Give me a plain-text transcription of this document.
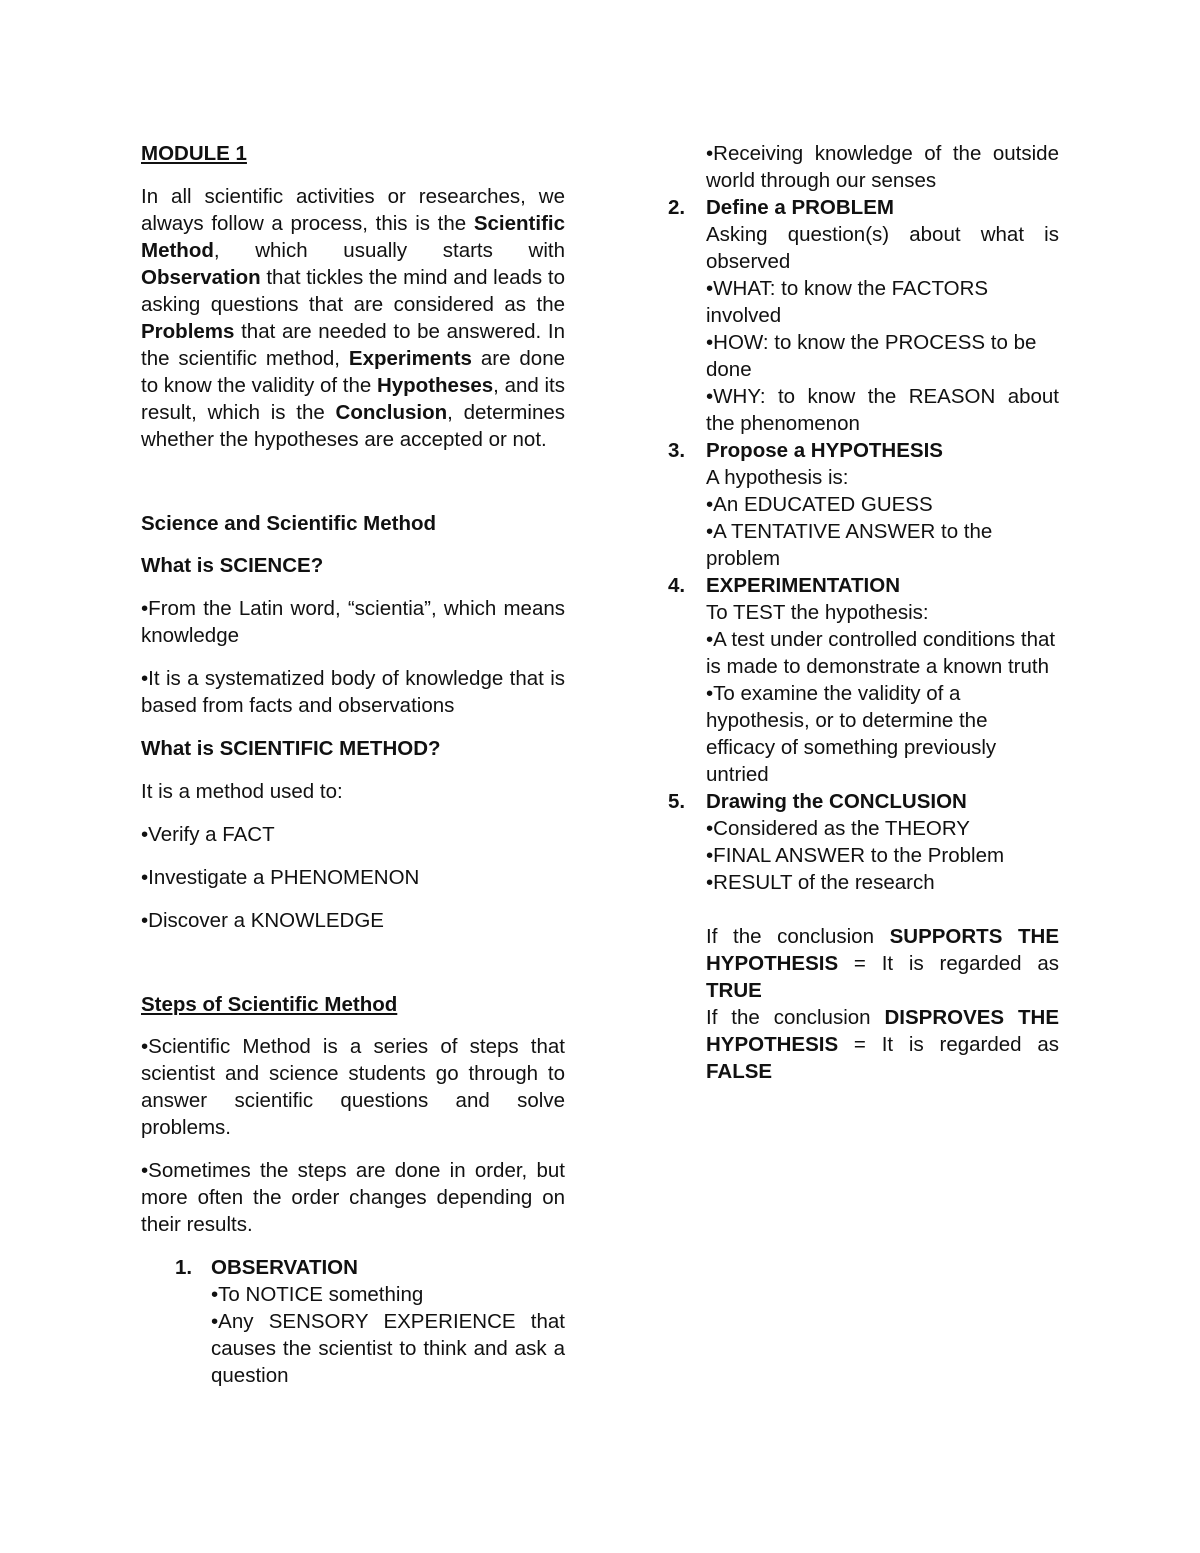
MODULE 1

In all scientific activities or researches, we always follow a process, this is the Scientific Method, which usually starts with Observation that tickles the mind and leads to asking questions that are considered as the Problems that are needed to be answered. In the scientific method, Experiments are done to know the validity of the Hypotheses, and its result, which is the Conclusion, determines whether the hypotheses are accepted or not.

Science and Scientific Method

What is SCIENCE?

•From the Latin word, “scientia”, which means knowledge

•It is a systematized body of knowledge that is based from facts and observations

What is SCIENTIFIC METHOD?

It is a method used to:

•Verify a FACT

•Investigate a PHENOMENON

•Discover a KNOWLEDGE

Steps of Scientific Method

•Scientific Method is a series of steps that scientist and science students go through to answer scientific questions and solve problems.

•Sometimes the steps are done in order, but more often the order changes depending on their results.

1. OBSERVATION

•To NOTICE something

•Any SENSORY EXPERIENCE that causes the scientist to think and ask a question

•Receiving knowledge of the outside world through our senses

2. Define a PROBLEM

Asking question(s) about what is observed

•WHAT: to know the FACTORS involved

•HOW: to know the PROCESS to be done

•WHY: to know the REASON about the phenomenon

3. Propose a HYPOTHESIS

A hypothesis is:

•An EDUCATED GUESS

•A TENTATIVE ANSWER to the problem

4. EXPERIMENTATION

To TEST the hypothesis:

•A test under controlled conditions that is made to demonstrate a known truth

•To examine the validity of a hypothesis, or to determine the efficacy of something previously untried

5. Drawing the CONCLUSION

•Considered as the THEORY

•FINAL ANSWER to the Problem

•RESULT of the research

If the conclusion SUPPORTS THE HYPOTHESIS = It is regarded as TRUE

If the conclusion DISPROVES THE HYPOTHESIS = It is regarded as FALSE
